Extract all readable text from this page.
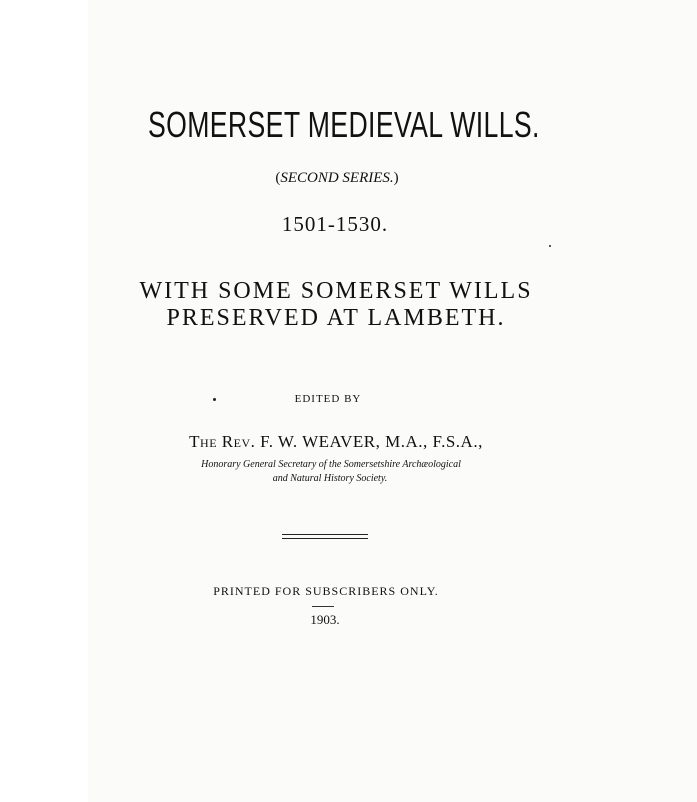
SOMERSET MEDIEVAL WILLS.
(SECOND SERIES.)
1501-1530.
WITH SOME SOMERSET WILLS
PRESERVED AT LAMBETH.
EDITED BY
The Rev. F. W. WEAVER, M.A., F.S.A.,
Honorary General Secretary of the Somersetshire Archæological
and Natural History Society.
PRINTED FOR SUBSCRIBERS ONLY.
1903.
